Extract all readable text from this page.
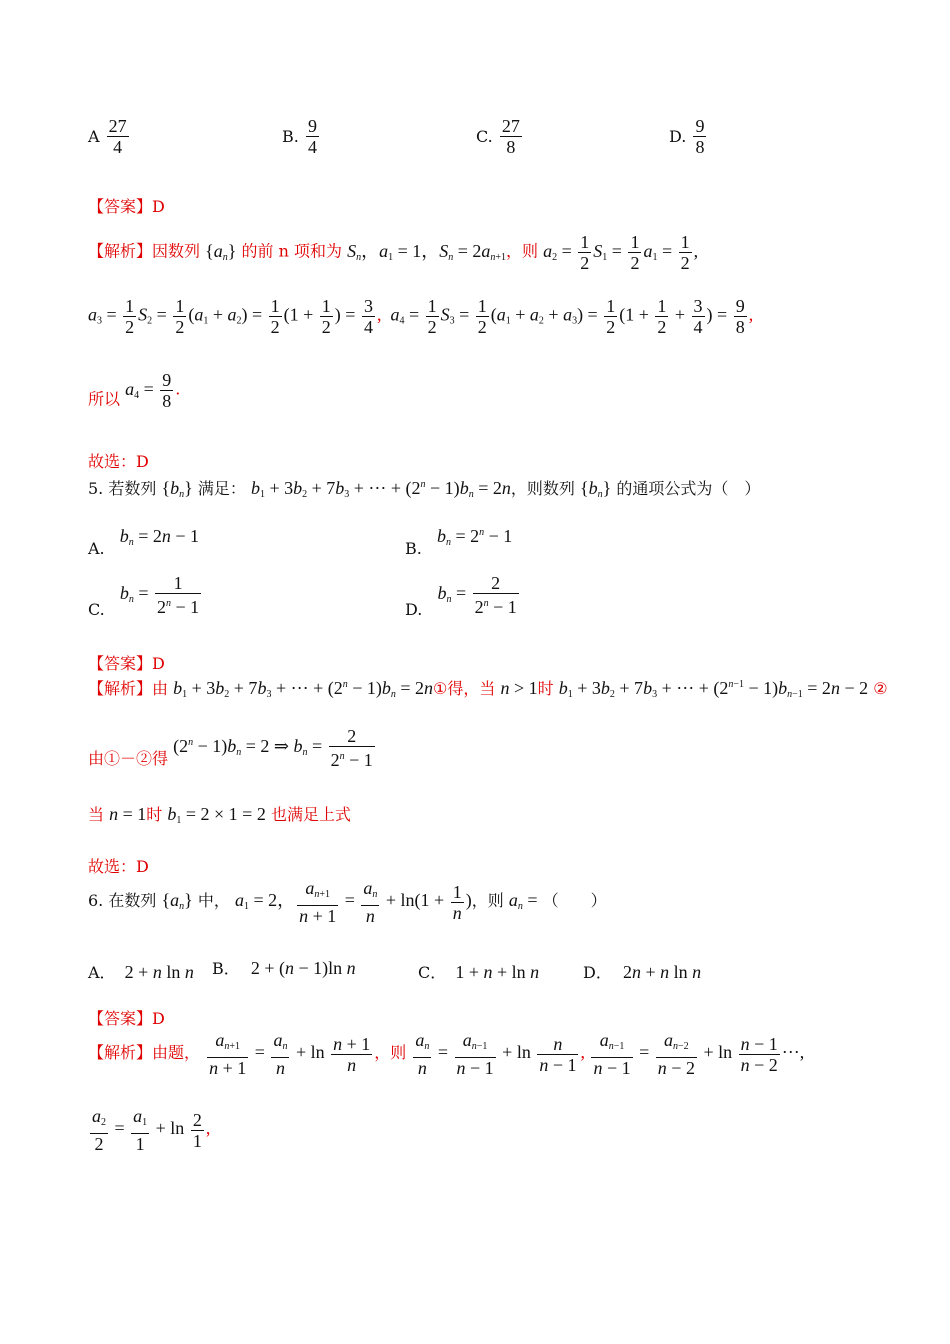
A $\frac{27}{4}$	B. $\frac{9}{4}$	C. $\frac{27}{8}$	D. $\frac{9}{8}$
【答案】D
【解析】因数列 $\{a_n\}$ 的前 n 项和为 $S_n$，$a_1 = 1$，$S_n = 2a_{n+1}$，则 $a_2 = \frac{1}{2} S_1 = \frac{1}{2} a_1 = \frac{1}{2}$ ,
$a_3 = \frac{1}{2} S_2 = \frac{1}{2} (a_1 + a_2) = \frac{1}{2} (1 + \frac{1}{2}$ ) = $\frac{3}{4}$ , $a_4 = \frac{1}{2} S_3 = \frac{1}{2} (a_1 + a_2 + a_3) = \frac{1}{2} (1 + \frac{1}{2} + \frac{3}{4}$ ) = $\frac{9}{8}$ ,
所以 $a_4 = \frac{9}{8}$ .
故选：D
5. 若数列 $\{b_n\}$ 满足： $b_1 + 3b_2 + 7b_3$ + ··· + $(2^n - 1)b_n = 2n$，则数列 $\{b_n\}$ 的通项公式为（　）
A. $b_n = 2n - 1$
B. $b_n = 2^n - 1$
C. $b_n = \frac{1}{2^n - 1}$	D. $b_n = \frac{2}{2^n - 1}$
【答案】D
【解析】由 $b_1 + 3b_2 + 7b_3$ + ··· + $(2^n - 1)b_n$ = 2n①得，当 n > 1时 $b_1 + 3b_2 + 7b_3$ + ··· + $(2^{n-1} - 1)b_{n-1} = 2n - 2$ ②
由①－②得 $(2^n - 1)b_n = 2$ ⇒ $b_n = \frac{2}{2^n - 1}$
当 n = 1时 $b_1 = 2 \times 1 = 2$ 也满足上式
故选：D
6. 在数列 $\{a_n\}$ 中， $a_1 = 2$， $\frac{a_{n+1}}{n + 1} = \frac{a_n}{n} + \ln(1 + \frac{1}{n}$ )，则 $a_n$ = （　　）
A． 2 + n ln n B． 2 + (n − 1)ln n	C． 1 + n + ln n	D． 2n + n ln n
【答案】D
【解析】由题， $\frac{a_{n+1}}{n + 1} = \frac{a_n}{n} + \ln \frac{n + 1}{n}$ ，则 $\frac{a_n}{n} = \frac{a_{n-1}}{n - 1} + \ln \frac{n}{n - 1}$ , $\frac{a_{n-1}}{n - 1} = \frac{a_{n-2}}{n - 2} + \ln \frac{n - 1}{n - 2}$ ···,
$\frac{a_2}{2} = \frac{a_1}{1} + \ln \frac{2}{1}$ ,
